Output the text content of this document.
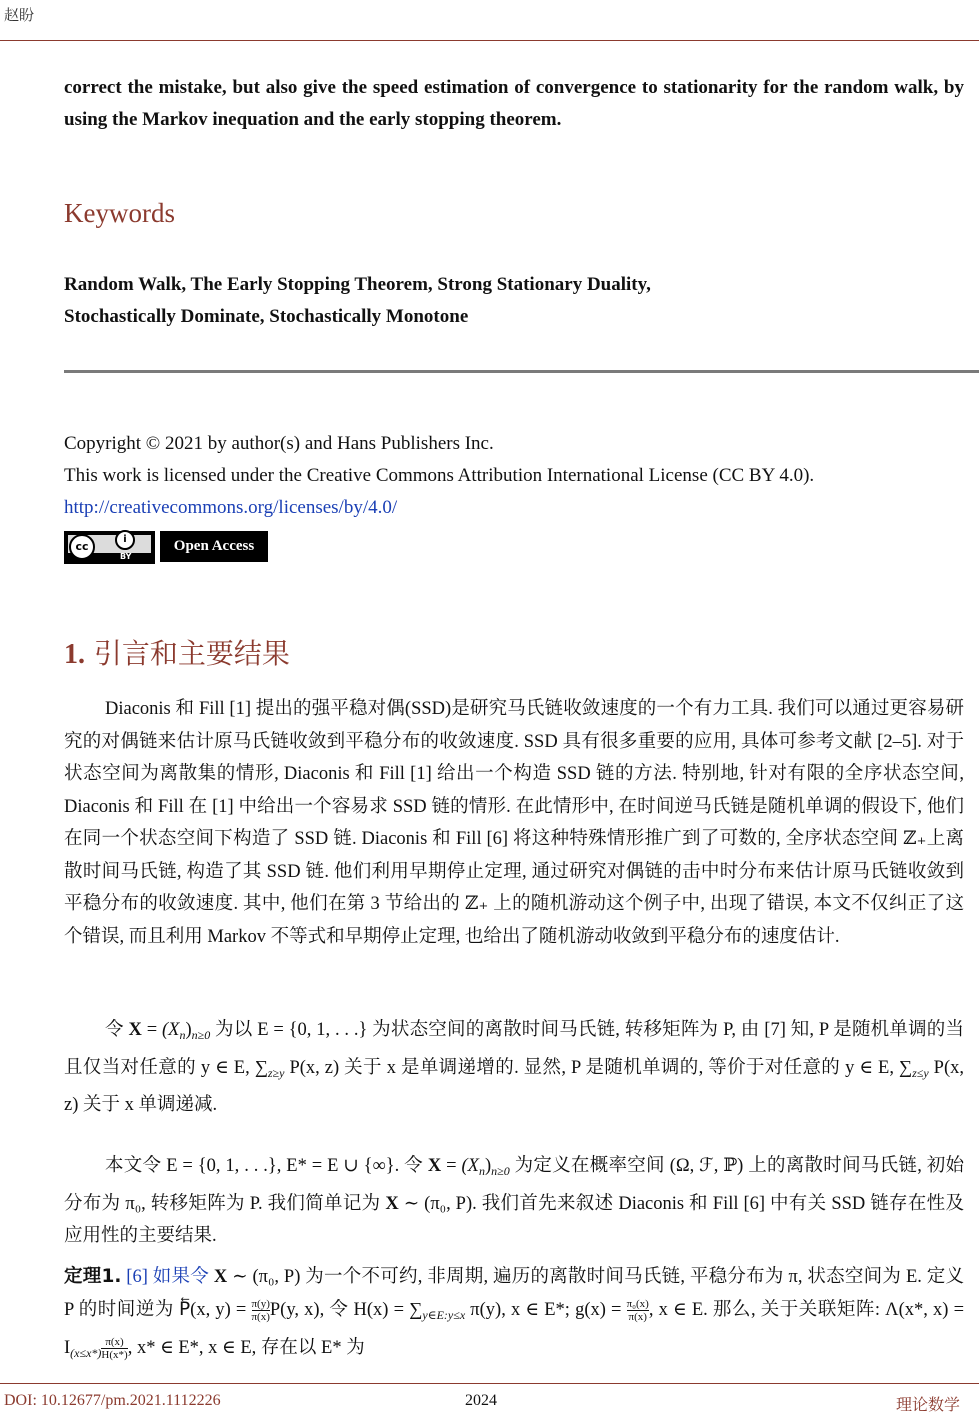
赵盼
correct the mistake, but also give the speed estimation of convergence to stationarity for the random walk, by using the Markov inequation and the early stopping theorem.
Keywords
Random Walk, The Early Stopping Theorem, Strong Stationary Duality,
Stochastically Dominate, Stochastically Monotone
Copyright © 2021 by author(s) and Hans Publishers Inc.
This work is licensed under the Creative Commons Attribution International License (CC BY 4.0).
http://creativecommons.org/licenses/by/4.0/
cc
i
BY
Open Access
1. 引言和主要结果

Diaconis 和 Fill [1] 提出的强平稳对偶(SSD)是研究马氏链收敛速度的一个有力工具. 我们可以通过更容易研究的对偶链来估计原马氏链收敛到平稳分布的收敛速度. SSD 具有很多重要的应用, 具体可参考文献 [2–5]. 对于状态空间为离散集的情形, Diaconis 和 Fill [1] 给出一个构造 SSD 链的方法. 特别地, 针对有限的全序状态空间, Diaconis 和 Fill 在 [1] 中给出一个容易求 SSD 链的情形. 在此情形中, 在时间逆马氏链是随机单调的假设下, 他们在同一个状态空间下构造了 SSD 链. Diaconis 和 Fill [6] 将这种特殊情形推广到了可数的, 全序状态空间 ℤ₊上离散时间马氏链, 构造了其 SSD 链. 他们利用早期停止定理, 通过研究对偶链的击中时分布来估计原马氏链收敛到平稳分布的收敛速度. 其中, 他们在第 3 节给出的 ℤ₊ 上的随机游动这个例子中, 出现了错误, 本文不仅纠正了这个错误, 而且利用 Markov 不等式和早期停止定理, 也给出了随机游动收敛到平稳分布的速度估计.

令 $X = (X_n)_{n\ge 0}$ 为以 E = {0, 1, . . .} 为状态空间的离散时间马氏链, 转移矩阵为 P, 由 [7] 知, P 是随机单调的当且仅当对任意的 y ∈ E, $\sum_{z\ge y}$ P(x, z) 关于 x 是单调递增的. 显然, P 是随机单调的, 等价于对任意的 y ∈ E, $\sum_{z\le y}$ P(x, z) 关于 x 单调递减.

本文令 E = {0, 1, . . .}, E* = E ∪ {∞}. 令 $X = (X_n)_{n\ge 0}$ 为定义在概率空间 (Ω, ℱ, ℙ) 上的离散时间马氏链, 初始分布为 π₀, 转移矩阵为 P. 我们简单记为 X ∼ (π₀, P). 我们首先来叙述 Diaconis 和 Fill [6] 中有关 SSD 链存在性及应用性的主要结果.

定理1. [6] 如果令 X ∼ (π₀, P) 为一个不可约, 非周期, 遍历的离散时间马氏链, 平稳分布为 π, 状态空间为 E. 定义 P 的时间逆为 P⃖(x, $y) = \frac{\pi(y)}{\pi(x)} P(y$, x), 令 $H(x) = \sum_{y\in E:y\le x}$ π(y), x ∈ E*; $g(x) = \frac{\text{π₀(x)}}{\pi(x)}$ , x ∈ E. 那么, 关于关联矩阵: Λ(x*, $x) = I_{(x\le x*)} \frac{\pi(x)}{H(x*)}$ , x* ∈ E*, x ∈ E, 存在以 E* 为
DOI: 10.12677/pm.2021.1112226	2024	理论数学
